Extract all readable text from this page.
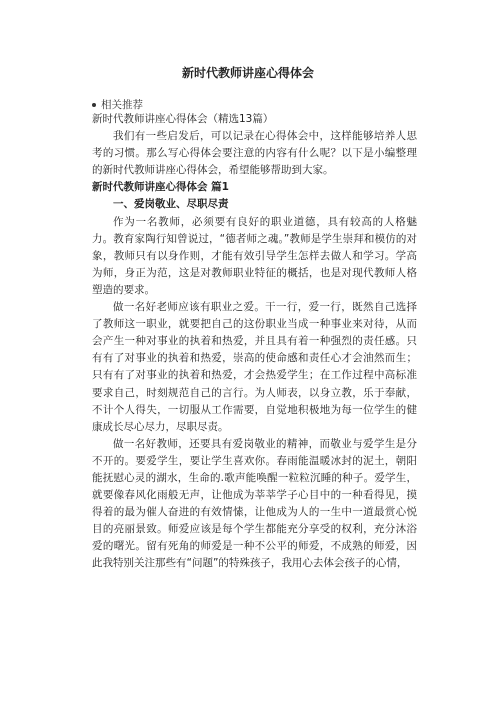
新时代教师讲座心得体会
相关推荐

新时代教师讲座心得体会（精选13篇）

我们有一些启发后，可以记录在心得体会中，这样能够培养人思考的习惯。那么写心得体会要注意的内容有什么呢？以下是小编整理的新时代教师讲座心得体会，希望能够帮助到大家。

新时代教师讲座心得体会 篇1

一、爱岗敬业、尽职尽责

作为一名教师，必须要有良好的职业道德，具有较高的人格魅力。教育家陶行知曾说过，“德者师之魂。”教师是学生崇拜和模仿的对象，教师只有以身作则，才能有效引导学生怎样去做人和学习。学高为师，身正为范，这是对教师职业特征的概括，也是对现代教师人格塑造的要求。

做一名好老师应该有职业之爱。干一行，爱一行，既然自己选择了教师这一职业，就要把自己的这份职业当成一种事业来对待，从而会产生一种对事业的执着和热爱，并且具有着一种强烈的责任感。只有有了对事业的执着和热爱，崇高的使命感和责任心才会油然而生；只有有了对事业的执着和热爱，才会热爱学生；在工作过程中高标准要求自己，时刻规范自己的言行。为人师表，以身立教，乐于奉献，不计个人得失，一切服从工作需要，自觉地积极地为每一位学生的健康成长尽心尽力，尽职尽责。

做一名好教师，还要具有爱岗敬业的精神，而敬业与爱学生是分不开的。要爱学生，要让学生喜欢你。春雨能温暖冰封的泥土，朝阳能抚慰心灵的湖水，生命的.歌声能唤醒一粒粒沉睡的种子。爱学生，就要像春风化雨般无声，让他成为莘莘学子心目中的一种看得见，摸得着的最为催人奋进的有效情愫，让他成为人的一生中一道最赏心悦目的亮丽景致。师爱应该是每个学生都能充分享受的权利，充分沐浴爱的曙光。留有死角的师爱是一种不公平的师爱，不成熟的师爱，因此我特别关注那些有“问题”的特殊孩子，我用心去体会孩子的心情，
